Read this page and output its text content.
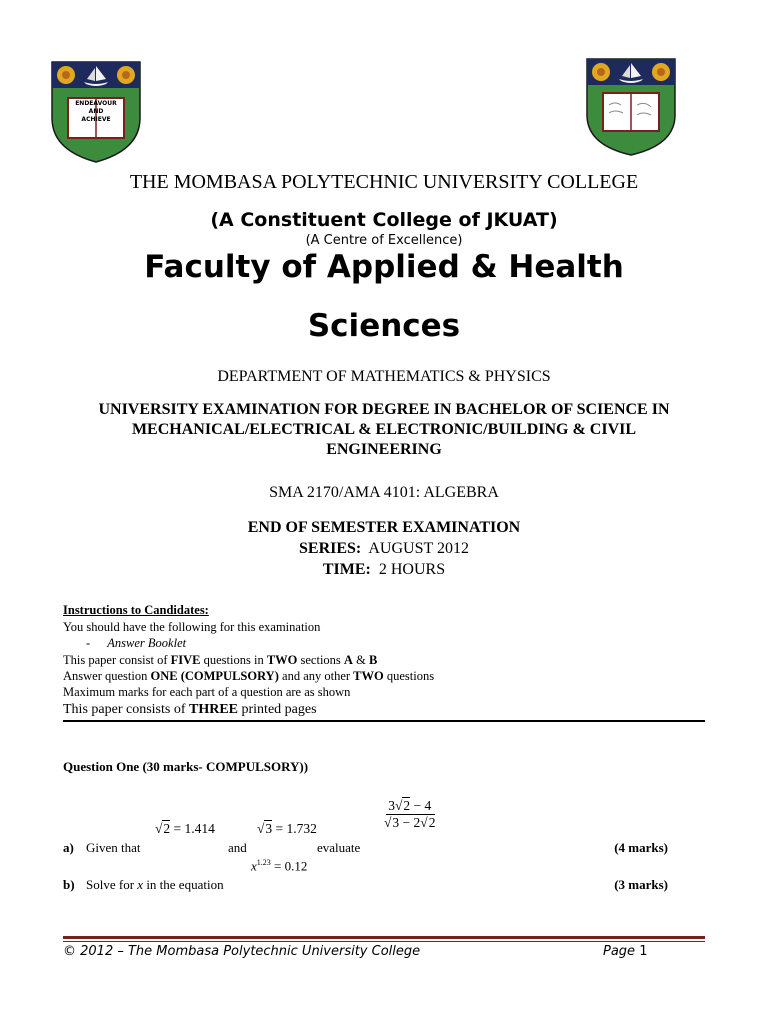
ENDEAVOUR
AND
ACHIEVE
THE MOMBASA POLYTECHNIC UNIVERSITY COLLEGE
(A Constituent College of JKUAT)
(A Centre of Excellence)
Faculty of Applied & Health
Sciences
DEPARTMENT OF MATHEMATICS & PHYSICS
UNIVERSITY EXAMINATION FOR DEGREE IN BACHELOR OF SCIENCE IN
MECHANICAL/ELECTRICAL & ELECTRONIC/BUILDING & CIVIL
ENGINEERING
SMA 2170/AMA 4101: ALGEBRA
END OF SEMESTER EXAMINATION
SERIES: AUGUST 2012
TIME: 2 HOURS
Instructions to Candidates:
You should have the following for this examination
- Answer Booklet
This paper consist of FIVE questions in TWO sections A & B
Answer question ONE (COMPULSORY) and any other TWO questions
Maximum marks for each part of a question are as shown
This paper consists of THREE printed pages
Question One (30 marks- COMPULSORY))
√2 = 1.414	√3 = 1.732	$\frac{3√2 - 4}{√3 - 2√2}$
a) Given that	and	evaluate	(4 marks)
$x^{1.23} = 0.12$
b) Solve for x in the equation	(3 marks)
© 2012 – The Mombasa Polytechnic University College	Page 1
